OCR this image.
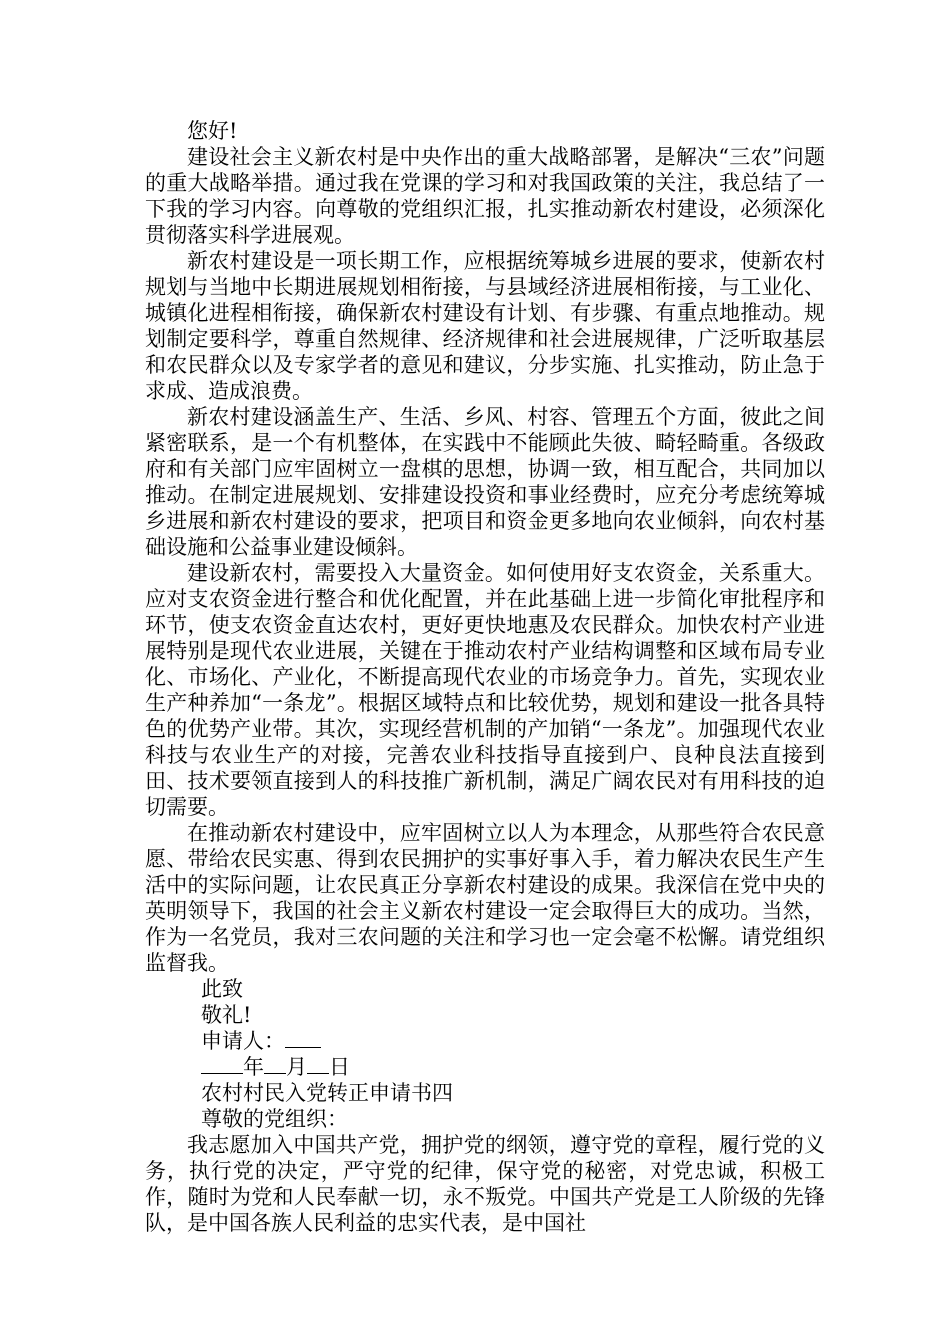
您好!

建设社会主义新农村是中央作出的重大战略部署，是解决“三农”问题的重大战略举措。通过我在党课的学习和对我国政策的关注，我总结了一下我的学习内容。向尊敬的党组织汇报，扎实推动新农村建设，必须深化贯彻落实科学进展观。

新农村建设是一项长期工作，应根据统筹城乡进展的要求，使新农村规划与当地中长期进展规划相衔接，与县域经济进展相衔接，与工业化、城镇化进程相衔接，确保新农村建设有计划、有步骤、有重点地推动。规划制定要科学，尊重自然规律、经济规律和社会进展规律，广泛听取基层和农民群众以及专家学者的意见和建议，分步实施、扎实推动，防止急于求成、造成浪费。

新农村建设涵盖生产、生活、乡风、村容、管理五个方面，彼此之间紧密联系，是一个有机整体，在实践中不能顾此失彼、畸轻畸重。各级政府和有关部门应牢固树立一盘棋的思想，协调一致，相互配合，共同加以推动。在制定进展规划、安排建设投资和事业经费时，应充分考虑统筹城乡进展和新农村建设的要求，把项目和资金更多地向农业倾斜，向农村基础设施和公益事业建设倾斜。

建设新农村，需要投入大量资金。如何使用好支农资金，关系重大。应对支农资金进行整合和优化配置，并在此基础上进一步简化审批程序和环节，使支农资金直达农村，更好更快地惠及农民群众。加快农村产业进展特别是现代农业进展，关键在于推动农村产业结构调整和区域布局专业化、市场化、产业化，不断提高现代农业的市场竞争力。首先，实现农业生产种养加“一条龙”。根据区域特点和比较优势，规划和建设一批各具特色的优势产业带。其次，实现经营机制的产加销“一条龙”。加强现代农业科技与农业生产的对接，完善农业科技指导直接到户、良种良法直接到田、技术要领直接到人的科技推广新机制，满足广阔农民对有用科技的迫切需要。

在推动新农村建设中，应牢固树立以人为本理念，从那些符合农民意愿、带给农民实惠、得到农民拥护的实事好事入手，着力解决农民生产生活中的实际问题，让农民真正分享新农村建设的成果。我深信在党中央的英明领导下，我国的社会主义新农村建设一定会取得巨大的成功。当然，作为一名党员，我对三农问题的关注和学习也一定会毫不松懈。请党组织监督我。

此致

敬礼!

申请人：

年 月 日

农村村民入党转正申请书四

尊敬的党组织：

我志愿加入中国共产党，拥护党的纲领，遵守党的章程，履行党的义务，执行党的决定，严守党的纪律，保守党的秘密，对党忠诚，积极工作，随时为党和人民奉献一切，永不叛党。中国共产党是工人阶级的先锋队，是中国各族人民利益的忠实代表，是中国社
